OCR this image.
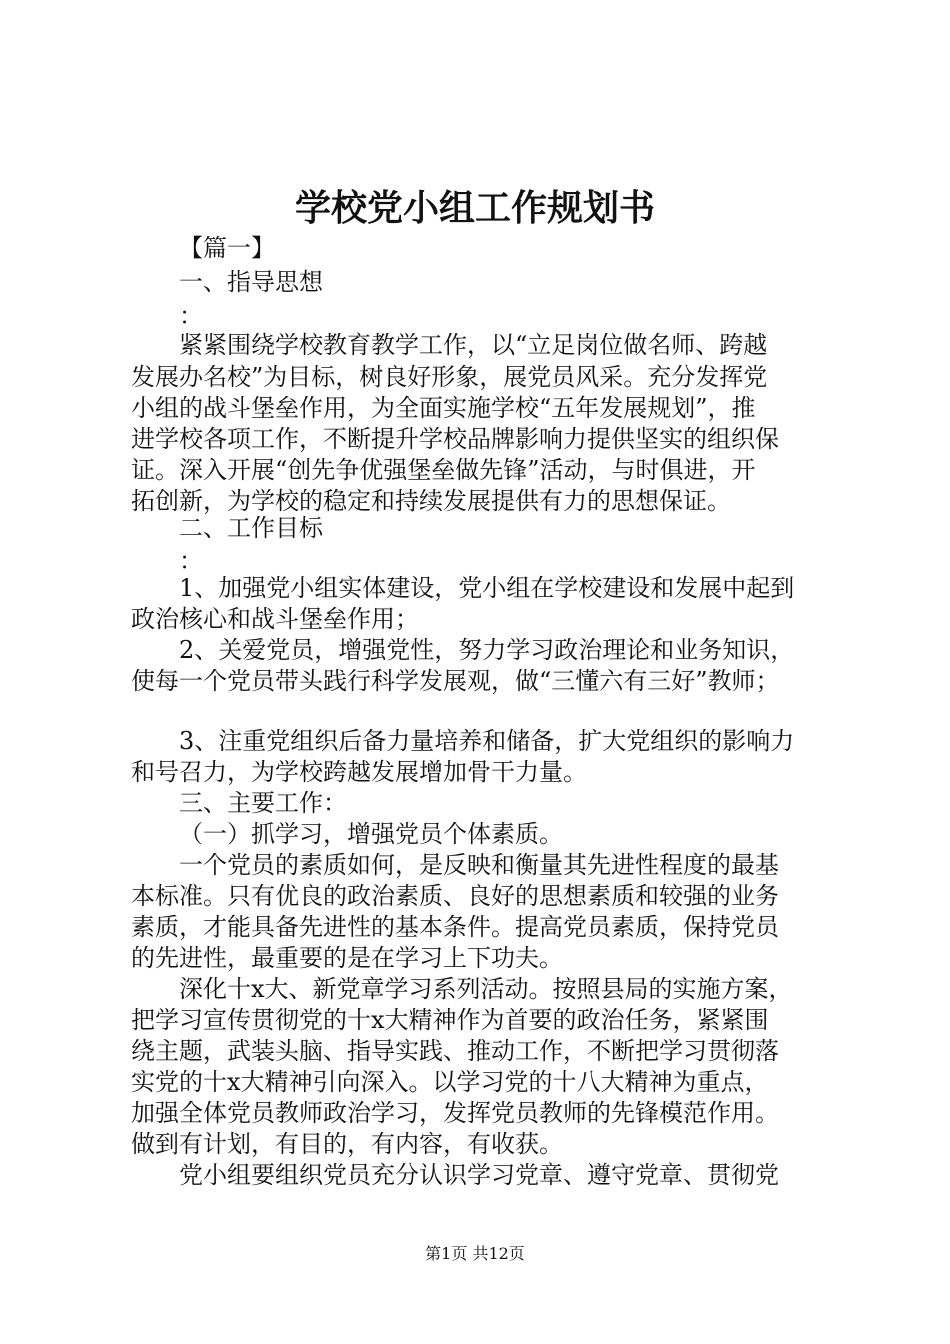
学校党小组工作规划书

【篇一】

一、指导思想

：

紧紧围绕学校教育教学工作，以“立足岗位做名师、跨越

发展办名校”为目标，树良好形象，展党员风采。充分发挥党

小组的战斗堡垒作用，为全面实施学校“五年发展规划”，推

进学校各项工作，不断提升学校品牌影响力提供坚实的组织保

证。深入开展“创先争优强堡垒做先锋”活动，与时俱进，开

拓创新，为学校的稳定和持续发展提供有力的思想保证。

二、工作目标

：

1、加强党小组实体建设，党小组在学校建设和发展中起到

政治核心和战斗堡垒作用；

2、关爱党员，增强党性，努力学习政治理论和业务知识，

使每一个党员带头践行科学发展观，做“三懂六有三好”教师；

3、注重党组织后备力量培养和储备，扩大党组织的影响力

和号召力，为学校跨越发展增加骨干力量。

三、主要工作：

（一）抓学习，增强党员个体素质。

一个党员的素质如何，是反映和衡量其先进性程度的最基

本标准。只有优良的政治素质、良好的思想素质和较强的业务

素质，才能具备先进性的基本条件。提高党员素质，保持党员

的先进性，最重要的是在学习上下功夫。

深化十x大、新党章学习系列活动。按照县局的实施方案，

把学习宣传贯彻党的十x大精神作为首要的政治任务，紧紧围

绕主题，武装头脑、指导实践、推动工作，不断把学习贯彻落

实党的十x大精神引向深入。以学习党的十八大精神为重点，

加强全体党员教师政治学习，发挥党员教师的先锋模范作用。

做到有计划，有目的，有内容，有收获。

党小组要组织党员充分认识学习党章、遵守党章、贯彻党

第1页 共12页
